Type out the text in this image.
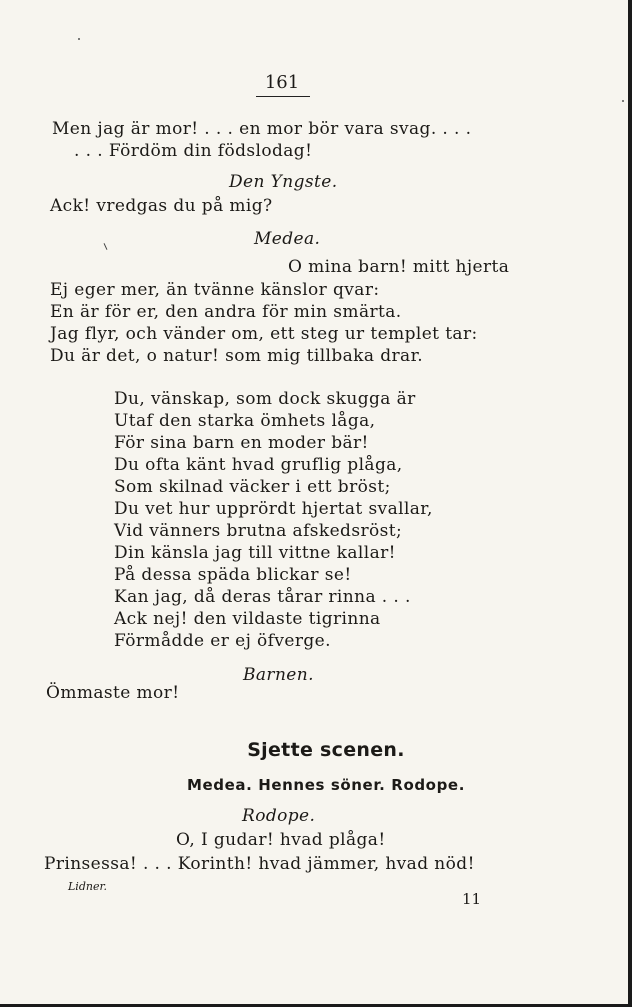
161
Men jag är mor! . . . en mor bör vara svag. . . .
. . . Fördöm din födslodag!
Den Yngste.
Ack! vredgas du på mig?
Medea.
O mina barn! mitt hjerta
Ej eger mer, än tvänne känslor qvar:
En är för er, den andra för min smärta.
Jag flyr, och vänder om, ett steg ur templet tar:
Du är det, o natur! som mig tillbaka drar.
Du, vänskap, som dock skugga är
Utaf den starka ömhets låga,
För sina barn en moder bär!
Du ofta känt hvad gruflig plåga,
Som skilnad väcker i ett bröst;
Du vet hur upprördt hjertat svallar,
Vid vänners brutna afskedsröst;
Din känsla jag till vittne kallar!
På dessa späda blickar se!
Kan jag, då deras tårar rinna . . .
Ack nej! den vildaste tigrinna
Förmådde er ej öfverge.
Barnen.
Ömmaste mor!
Sjette scenen.
Medea. Hennes söner. Rodope.
Rodope.
O, I gudar! hvad plåga!
Prinsessa! . . . Korinth! hvad jämmer, hvad nöd!
Lidner.
11
